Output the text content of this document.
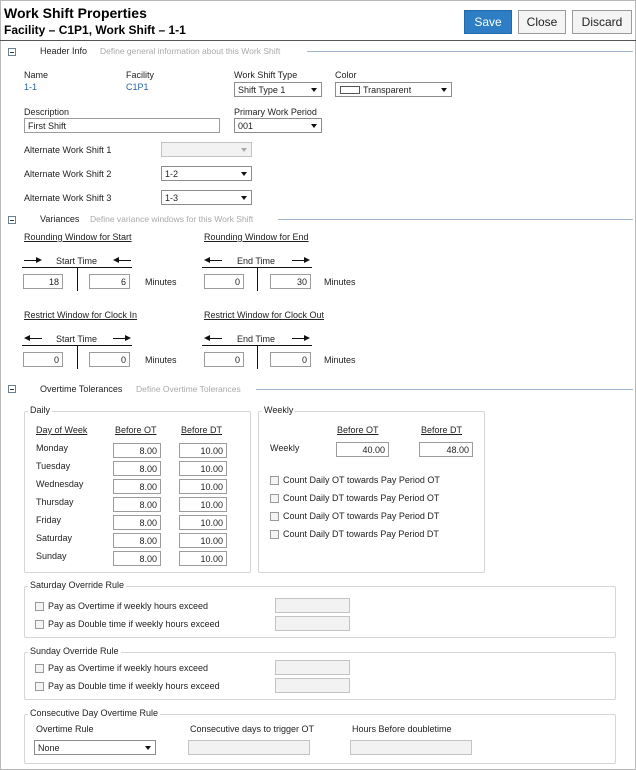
Work Shift Properties
Facility – C1P1, Work Shift – 1-1
Save	Close	Discard
Header Info Define general information about this Work Shift
Name
1-1
Facility
C1P1
Work Shift Type
Shift Type 1
Color
Transparent
Description
First Shift
Primary Work Period
001
Alternate Work Shift 1
Alternate Work Shift 2	1-2
Alternate Work Shift 3	1-3
Variances Define variance windows for this Work Shift
Rounding Window for Start
Start Time
18	6	Minutes
Rounding Window for End
End Time
0	30	Minutes
Restrict Window for Clock In
Start Time
0	0	Minutes
Restrict Window for Clock Out
End Time
0	0	Minutes
Overtime Tolerances Define Overtime Tolerances
Daily
Day of Week	Before OT	Before DT
Monday	8.00	10.00
Tuesday	8.00	10.00
Wednesday	8.00	10.00
Thursday	8.00	10.00
Friday	8.00	10.00
Saturday	8.00	10.00
Sunday	8.00	10.00
Weekly
Before OT	Before DT
Weekly	40.00	48.00
Count Daily OT towards Pay Period OT
Count Daily DT towards Pay Period OT
Count Daily OT towards Pay Period DT
Count Daily DT towards Pay Period DT
Saturday Override Rule
Pay as Overtime if weekly hours exceed
Pay as Double time if weekly hours exceed
Sunday Override Rule
Pay as Overtime if weekly hours exceed
Pay as Double time if weekly hours exceed
Consecutive Day Overtime Rule
Overtime Rule
None
Consecutive days to trigger OT	Hours Before doubletime
